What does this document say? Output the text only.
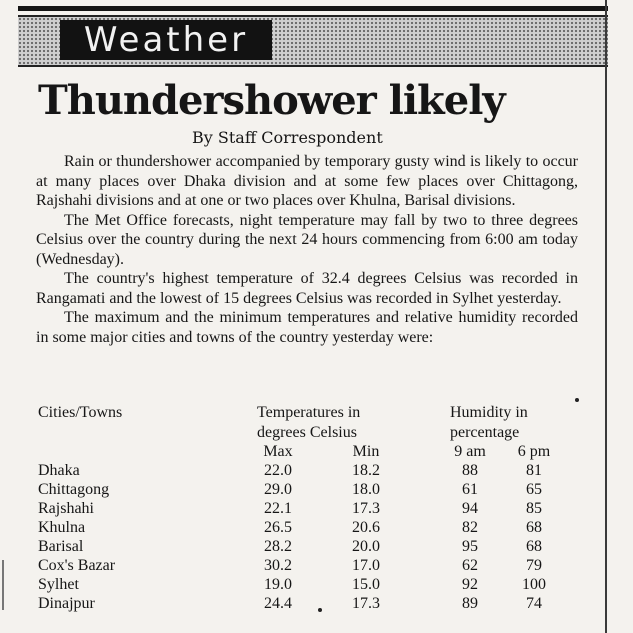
Weather
Thundershower likely
By Staff Correspondent

Rain or thundershower accompanied by temporary gusty wind is likely to occur at many places over Dhaka division and at some few places over Chittagong, Rajshahi divisions and at one or two places over Khulna, Barisal divisions.

The Met Office forecasts, night temperature may fall by two to three degrees Celsius over the country during the next 24 hours commencing from 6:00 am today (Wednesday).

The country's highest temperature of 32.4 degrees Celsius was recorded in Rangamati and the lowest of 15 degrees Celsius was recorded in Sylhet yesterday.

The maximum and the minimum temperatures and relative humidity recorded in some major cities and towns of the country yesterday were:

Cities/Towns	Temperatures in
degrees Celsius
Humidity in
percentage
Max	Min	9 am	6 pm
Dhaka	22.0	18.2	88	81
Chittagong	29.0	18.0	61	65
Rajshahi	22.1	17.3	94	85
Khulna	26.5	20.6	82	68
Barisal	28.2	20.0	95	68
Cox's Bazar	30.2	17.0	62	79
Sylhet	19.0	15.0	92	100
Dinajpur	24.4	17.3	89	74
